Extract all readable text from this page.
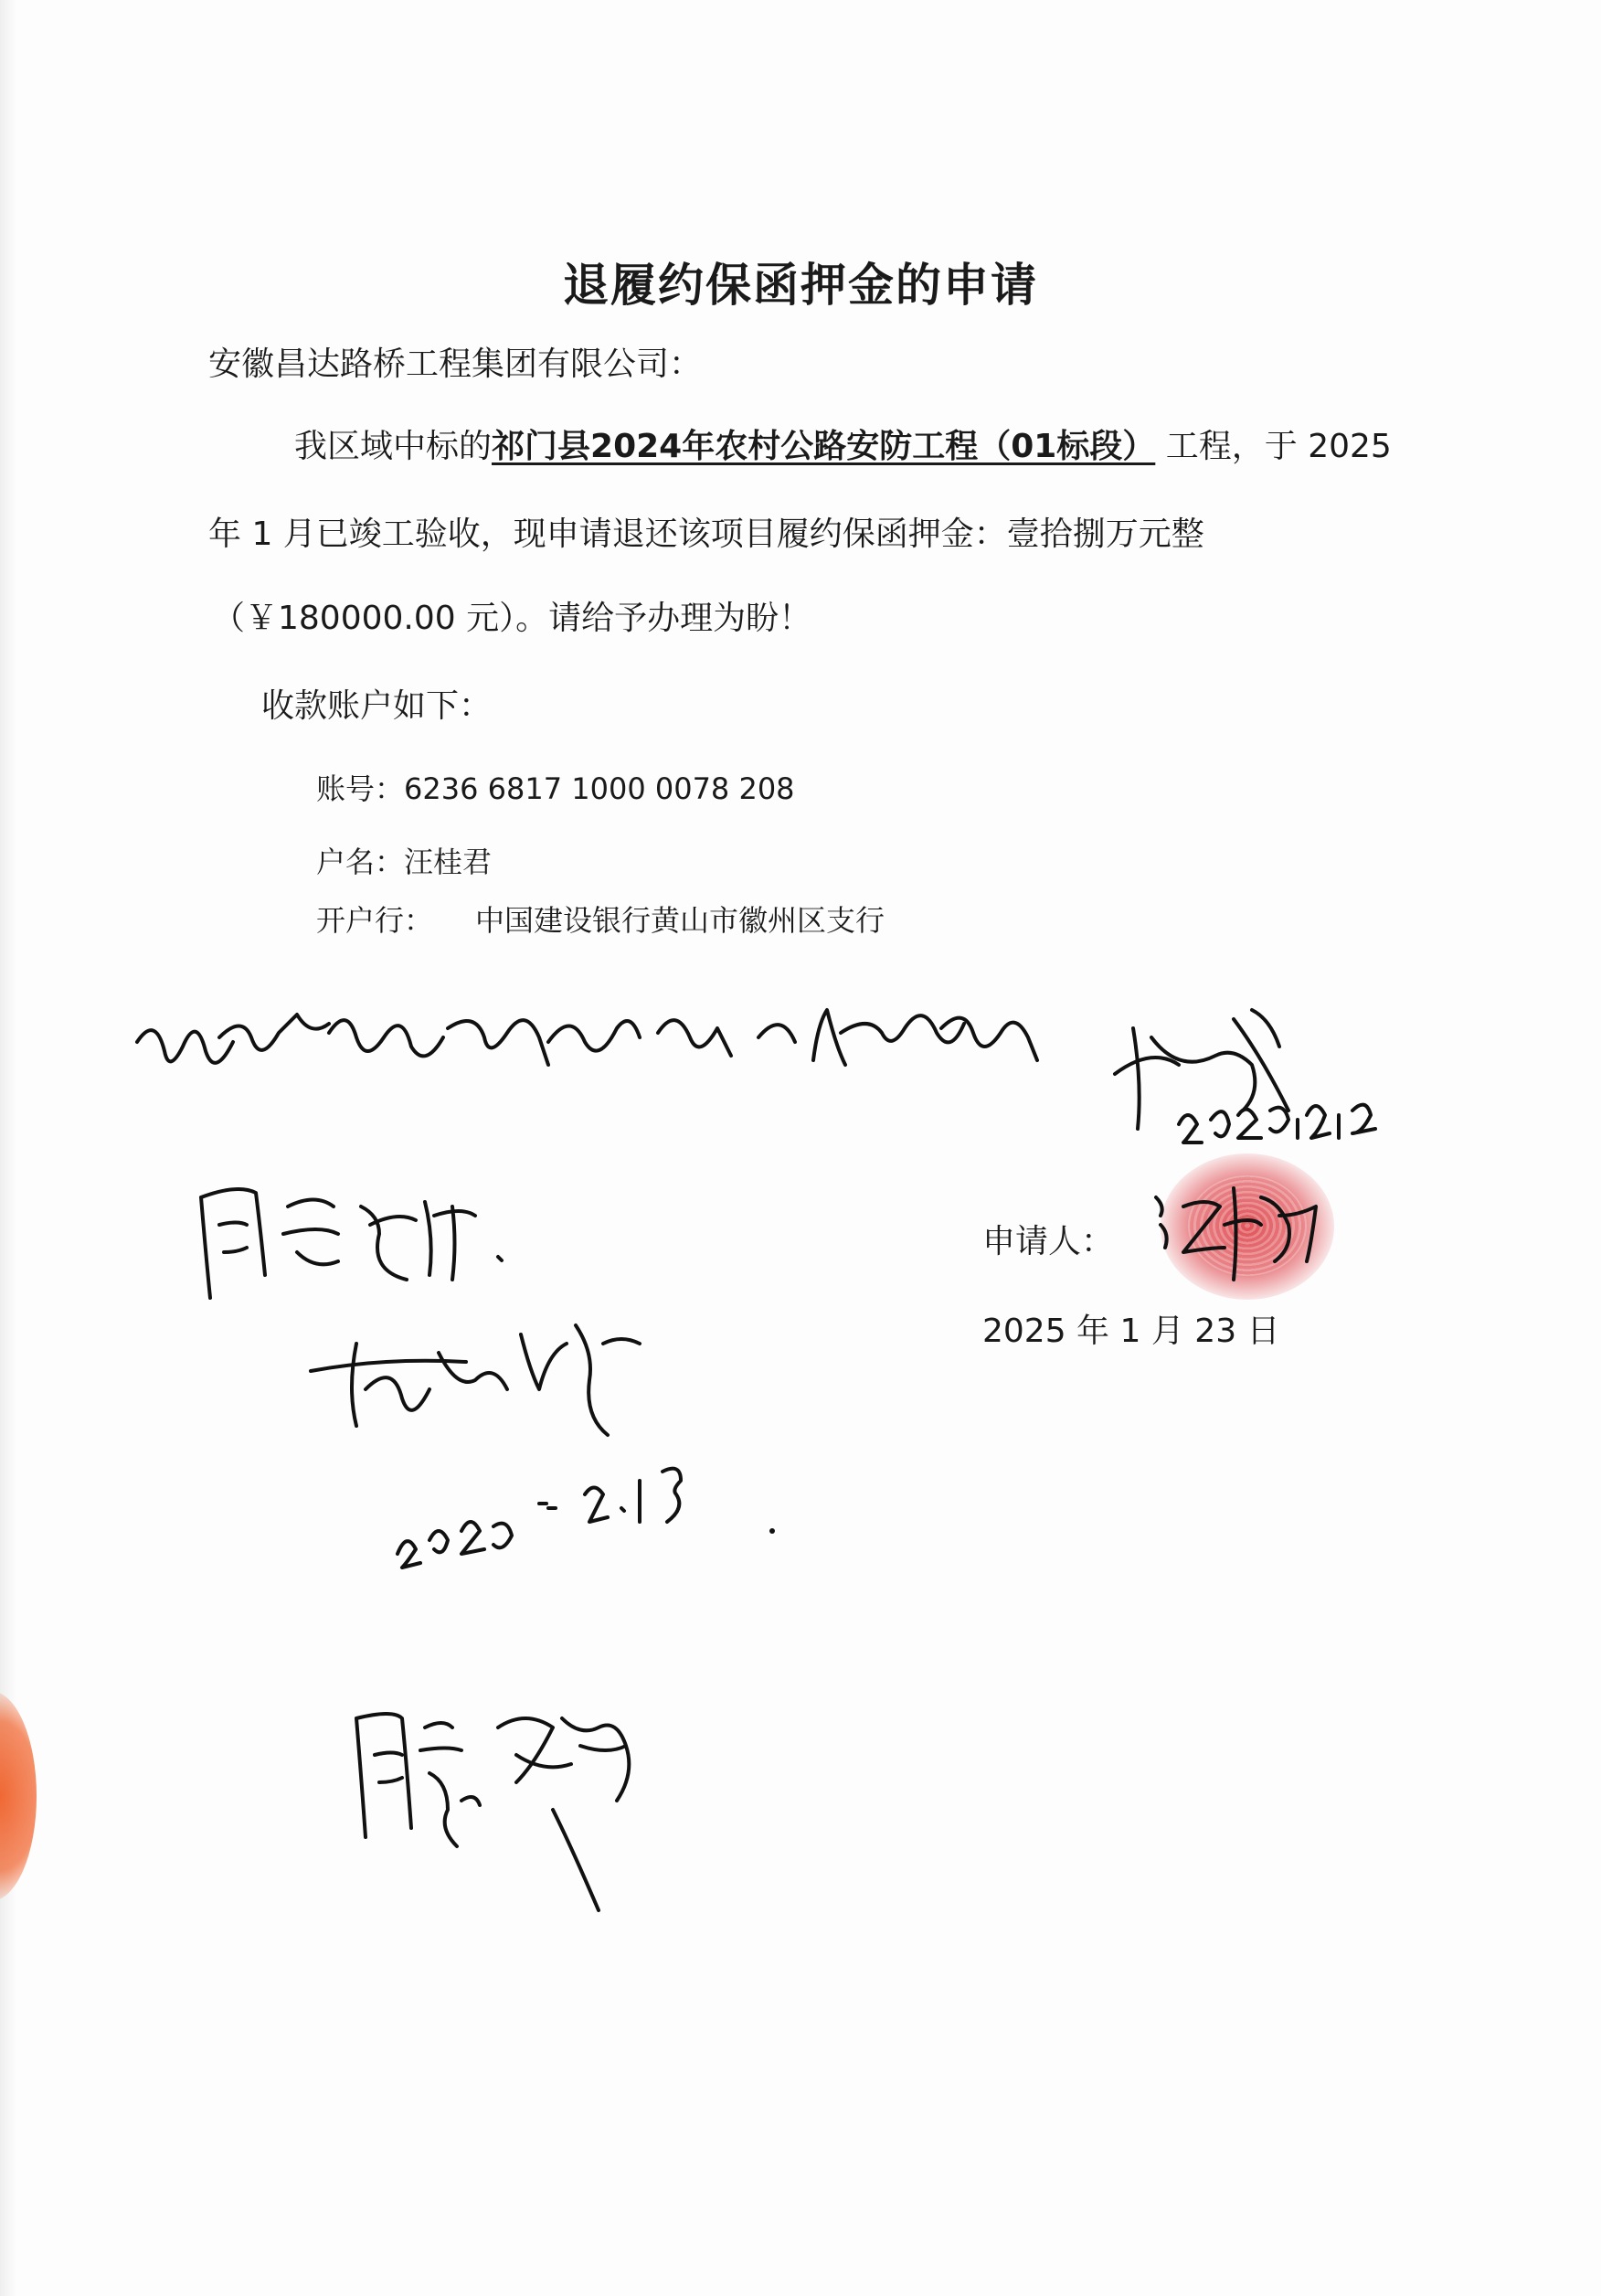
退履约保函押金的申请
安徽昌达路桥工程集团有限公司：
我区域中标的祁门县2024年农村公路安防工程（01标段） 工程，于 2025
年 1 月已竣工验收，现申请退还该项目履约保函押金：壹拾捌万元整
（￥180000.00 元）。请给予办理为盼！
收款账户如下：
账号：6236 6817 1000 0078 208
户名：汪桂君
开户行： 中国建设银行黄山市徽州区支行
申请人：
2025 年 1 月 23 日
